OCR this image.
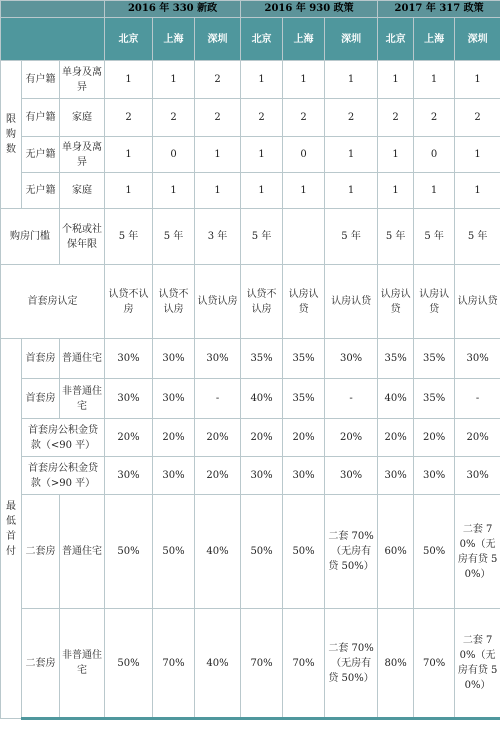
			2016 年 330 新政			2016 年 930 政策			2017 年 317 政策		
			北京	上海	深圳	北京	上海	深圳	北京	上海	深圳
限购数	有户籍	单身及离异	1	1	2	1	1	1	1	1	1
	有户籍	家庭	2	2	2	2	2	2	2	2	2
	无户籍	单身及离异	1	0	1	1	0	1	1	0	1
	无户籍	家庭	1	1	1	1	1	1	1	1	1
购房门槛		个税或社保年限	5 年	5 年	3 年	5 年		5 年	5 年	5 年	5 年
首套房认定			认贷不认房	认贷不认房	认贷认房	认贷不认房	认房认贷	认房认贷	认房认贷	认房认贷	认房认贷
最低首付	首套房	普通住宅	30%	30%	30%	35%	35%	30%	35%	35%	30%
	首套房	非普通住宅	30%	30%	-	40%	35%	-	40%	35%	-
	首套房公积金贷款（<90 平）		20%	20%	20%	20%	20%	20%	20%	20%	20%
	首套房公积金贷款（>90 平）		30%	30%	20%	30%	30%	30%	30%	30%	30%
	二套房	普通住宅	50%	50%	40%	50%	50%	二套 70%（无房有贷 50%）	60%	50%	二套 70%（无房有贷 50%）
	二套房	非普通住宅	50%	70%	40%	70%	70%	二套 70%（无房有贷 50%）	80%	70%	二套 70%（无房有贷 50%）
